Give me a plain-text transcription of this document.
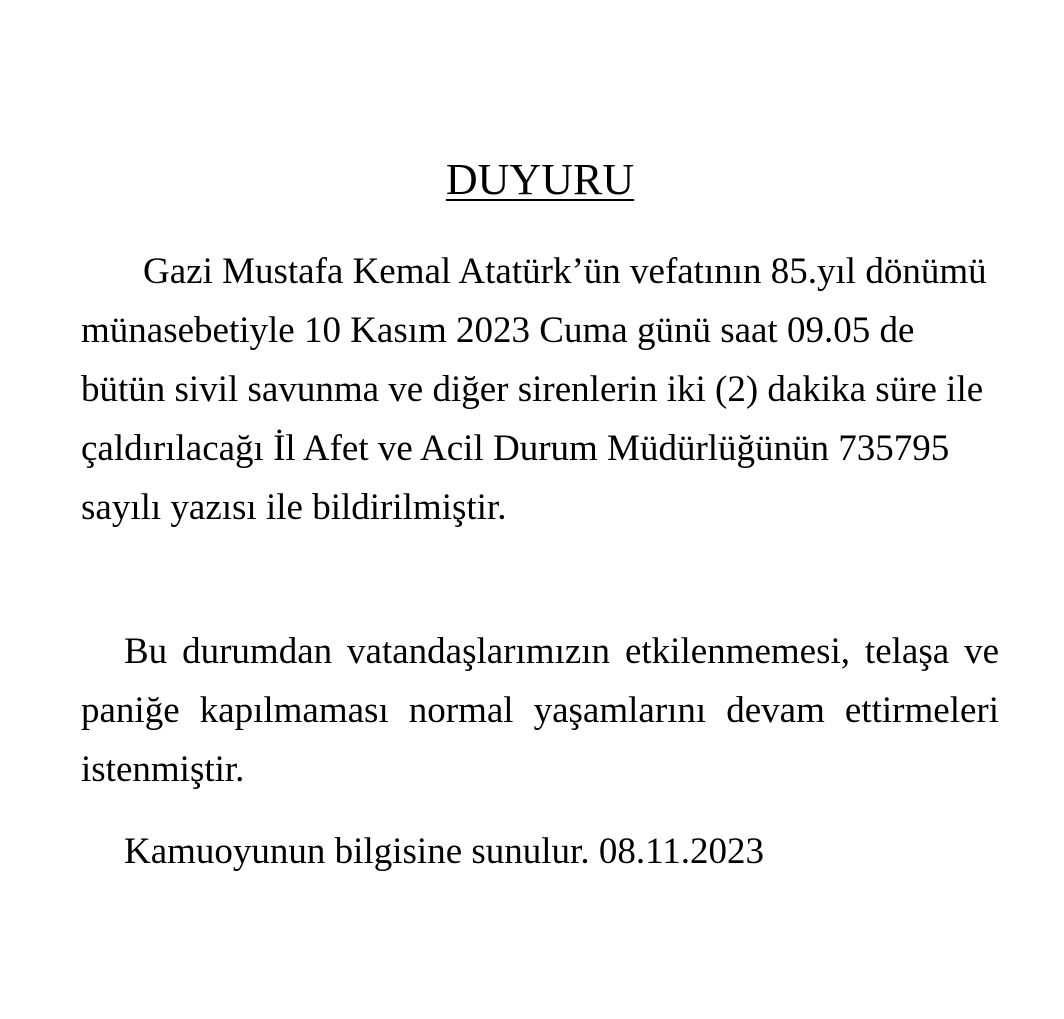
DUYURU

Gazi Mustafa Kemal Atatürk’ün vefatının 85.yıl dönümü münasebetiyle 10 Kasım 2023 Cuma günü saat 09.05 de bütün sivil savunma ve diğer sirenlerin iki (2) dakika süre ile çaldırılacağı İl Afet ve Acil Durum Müdürlüğünün 735795 sayılı yazısı ile bildirilmiştir.

Bu durumdan vatandaşlarımızın etkilenmemesi, telaşa ve paniğe kapılmaması normal yaşamlarını devam ettirmeleri istenmiştir.

Kamuoyunun bilgisine sunulur. 08.11.2023
